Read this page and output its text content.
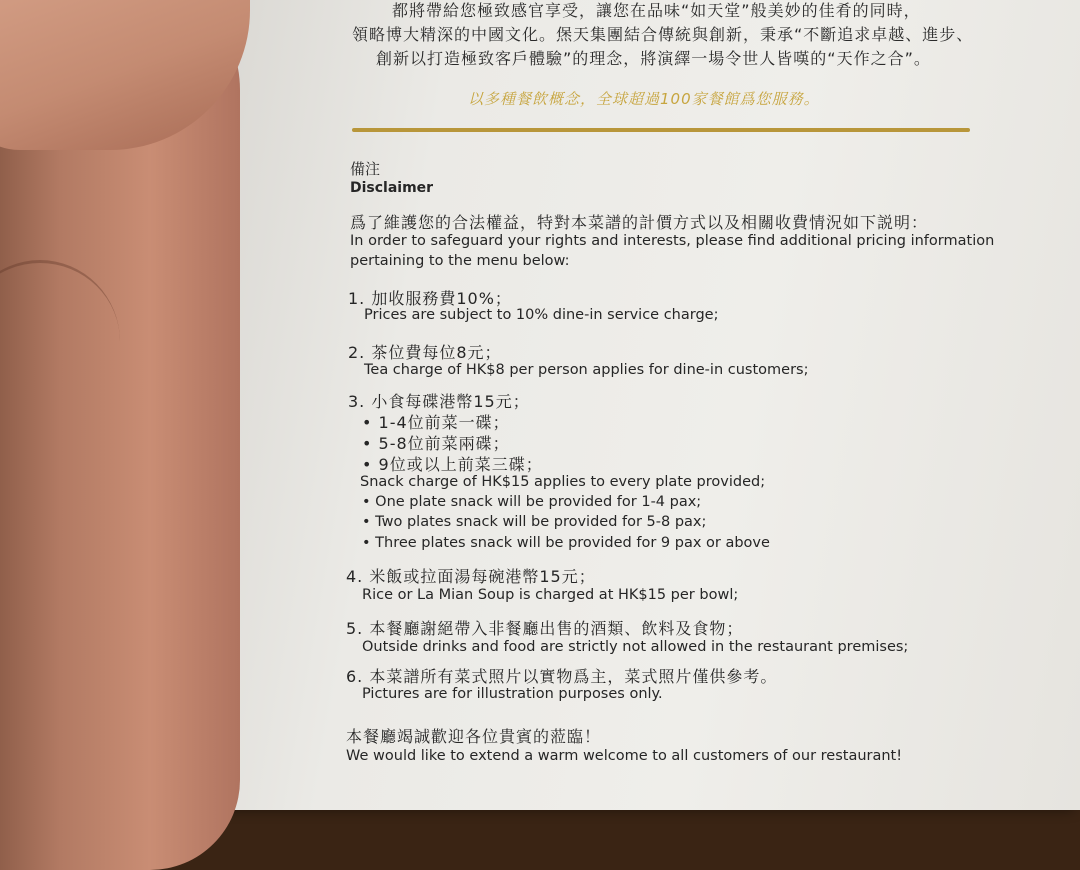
都將帶給您極致感官享受，讓您在品味“如天堂”般美妙的佳肴的同時，
領略博大精深的中國文化。㷛天集團結合傳統與創新，秉承“不斷追求卓越、進步、
創新以打造極致客戶體驗”的理念，將演繹一場令世人皆嘆的“天作之合”。
以多種餐飲概念，全球超過100家餐館爲您服務。
備注
Disclaimer
爲了維護您的合法權益，特對本菜譜的計價方式以及相關收費情況如下説明：
In order to safeguard your rights and interests, please find additional pricing information
pertaining to the menu below:
1. 加收服務費10%；
Prices are subject to 10% dine-in service charge;
2. 茶位費每位8元；
Tea charge of HK$8 per person applies for dine-in customers;
3. 小食每碟港幣15元；
• 1-4位前菜一碟；
• 5-8位前菜兩碟；
• 9位或以上前菜三碟；
Snack charge of HK$15 applies to every plate provided;
• One plate snack will be provided for 1-4 pax;
• Two plates snack will be provided for 5-8 pax;
• Three plates snack will be provided for 9 pax or above
4. 米飯或拉面湯每碗港幣15元；
Rice or La Mian Soup is charged at HK$15 per bowl;
5. 本餐廳謝絕帶入非餐廳出售的酒類、飲料及食物；
Outside drinks and food are strictly not allowed in the restaurant premises;
6. 本菜譜所有菜式照片以實物爲主，菜式照片僅供參考。
Pictures are for illustration purposes only.
本餐廳竭誠歡迎各位貴賓的蒞臨！
We would like to extend a warm welcome to all customers of our restaurant!
